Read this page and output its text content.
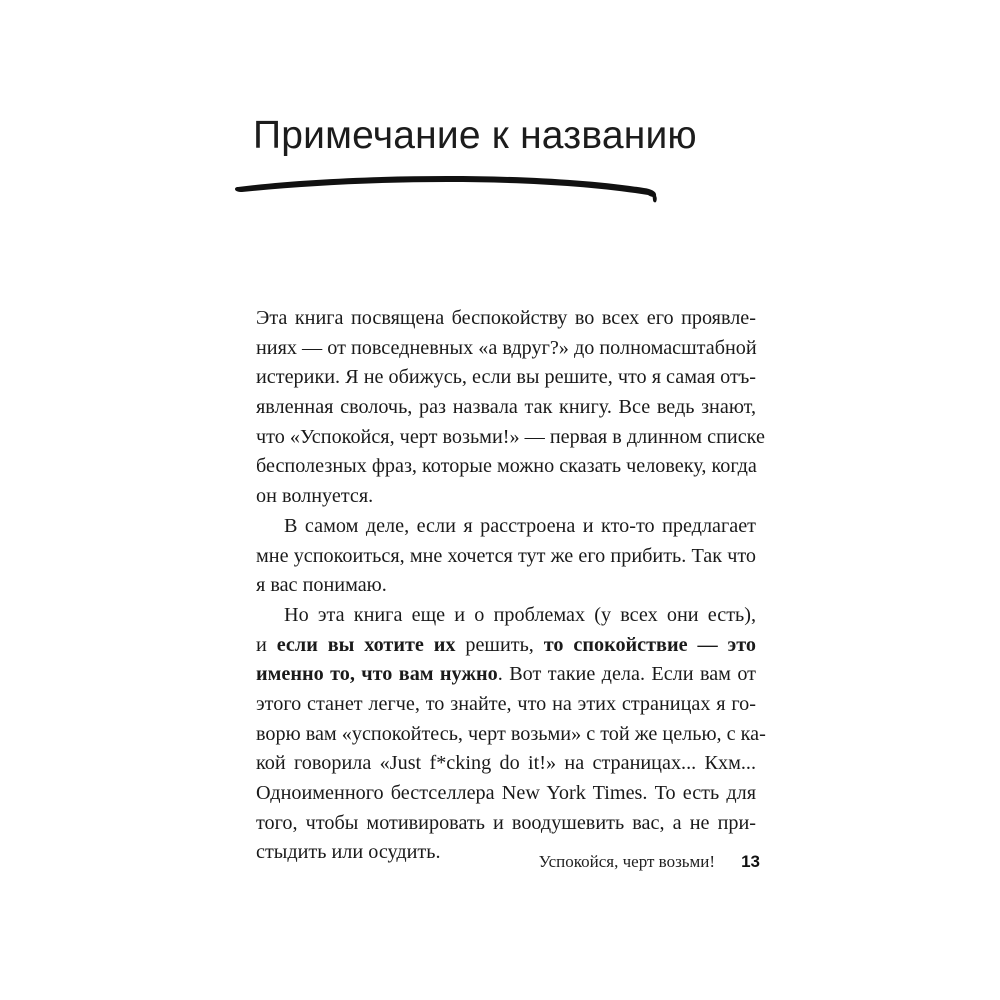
Примечание к названию
Эта книга посвящена беспокойству во всех его проявле-
ниях — от повседневных «а вдруг?» до полномасштабной
истерики. Я не обижусь, если вы решите, что я самая отъ-
явленная сволочь, раз назвала так книгу. Все ведь знают,
что «Успокойся, черт возьми!» — первая в длинном списке
бесполезных фраз, которые можно сказать человеку, когда
он волнуется.
В самом деле, если я расстроена и кто-то предлагает
мне успокоиться, мне хочется тут же его прибить. Так что
я вас понимаю.
Но эта книга еще и о проблемах (у всех они есть),
и если вы хотите их решить, то спокойствие — это
именно то, что вам нужно. Вот такие дела. Если вам от
этого станет легче, то знайте, что на этих страницах я го-
ворю вам «успокойтесь, черт возьми» с той же целью, с ка-
кой говорила «Just f*cking do it!» на страницах... Кхм...
Одноименного бестселлера New York Times. То есть для
того, чтобы мотивировать и воодушевить вас, а не при-
стыдить или осудить.	Успокойся, черт возьми! 13
